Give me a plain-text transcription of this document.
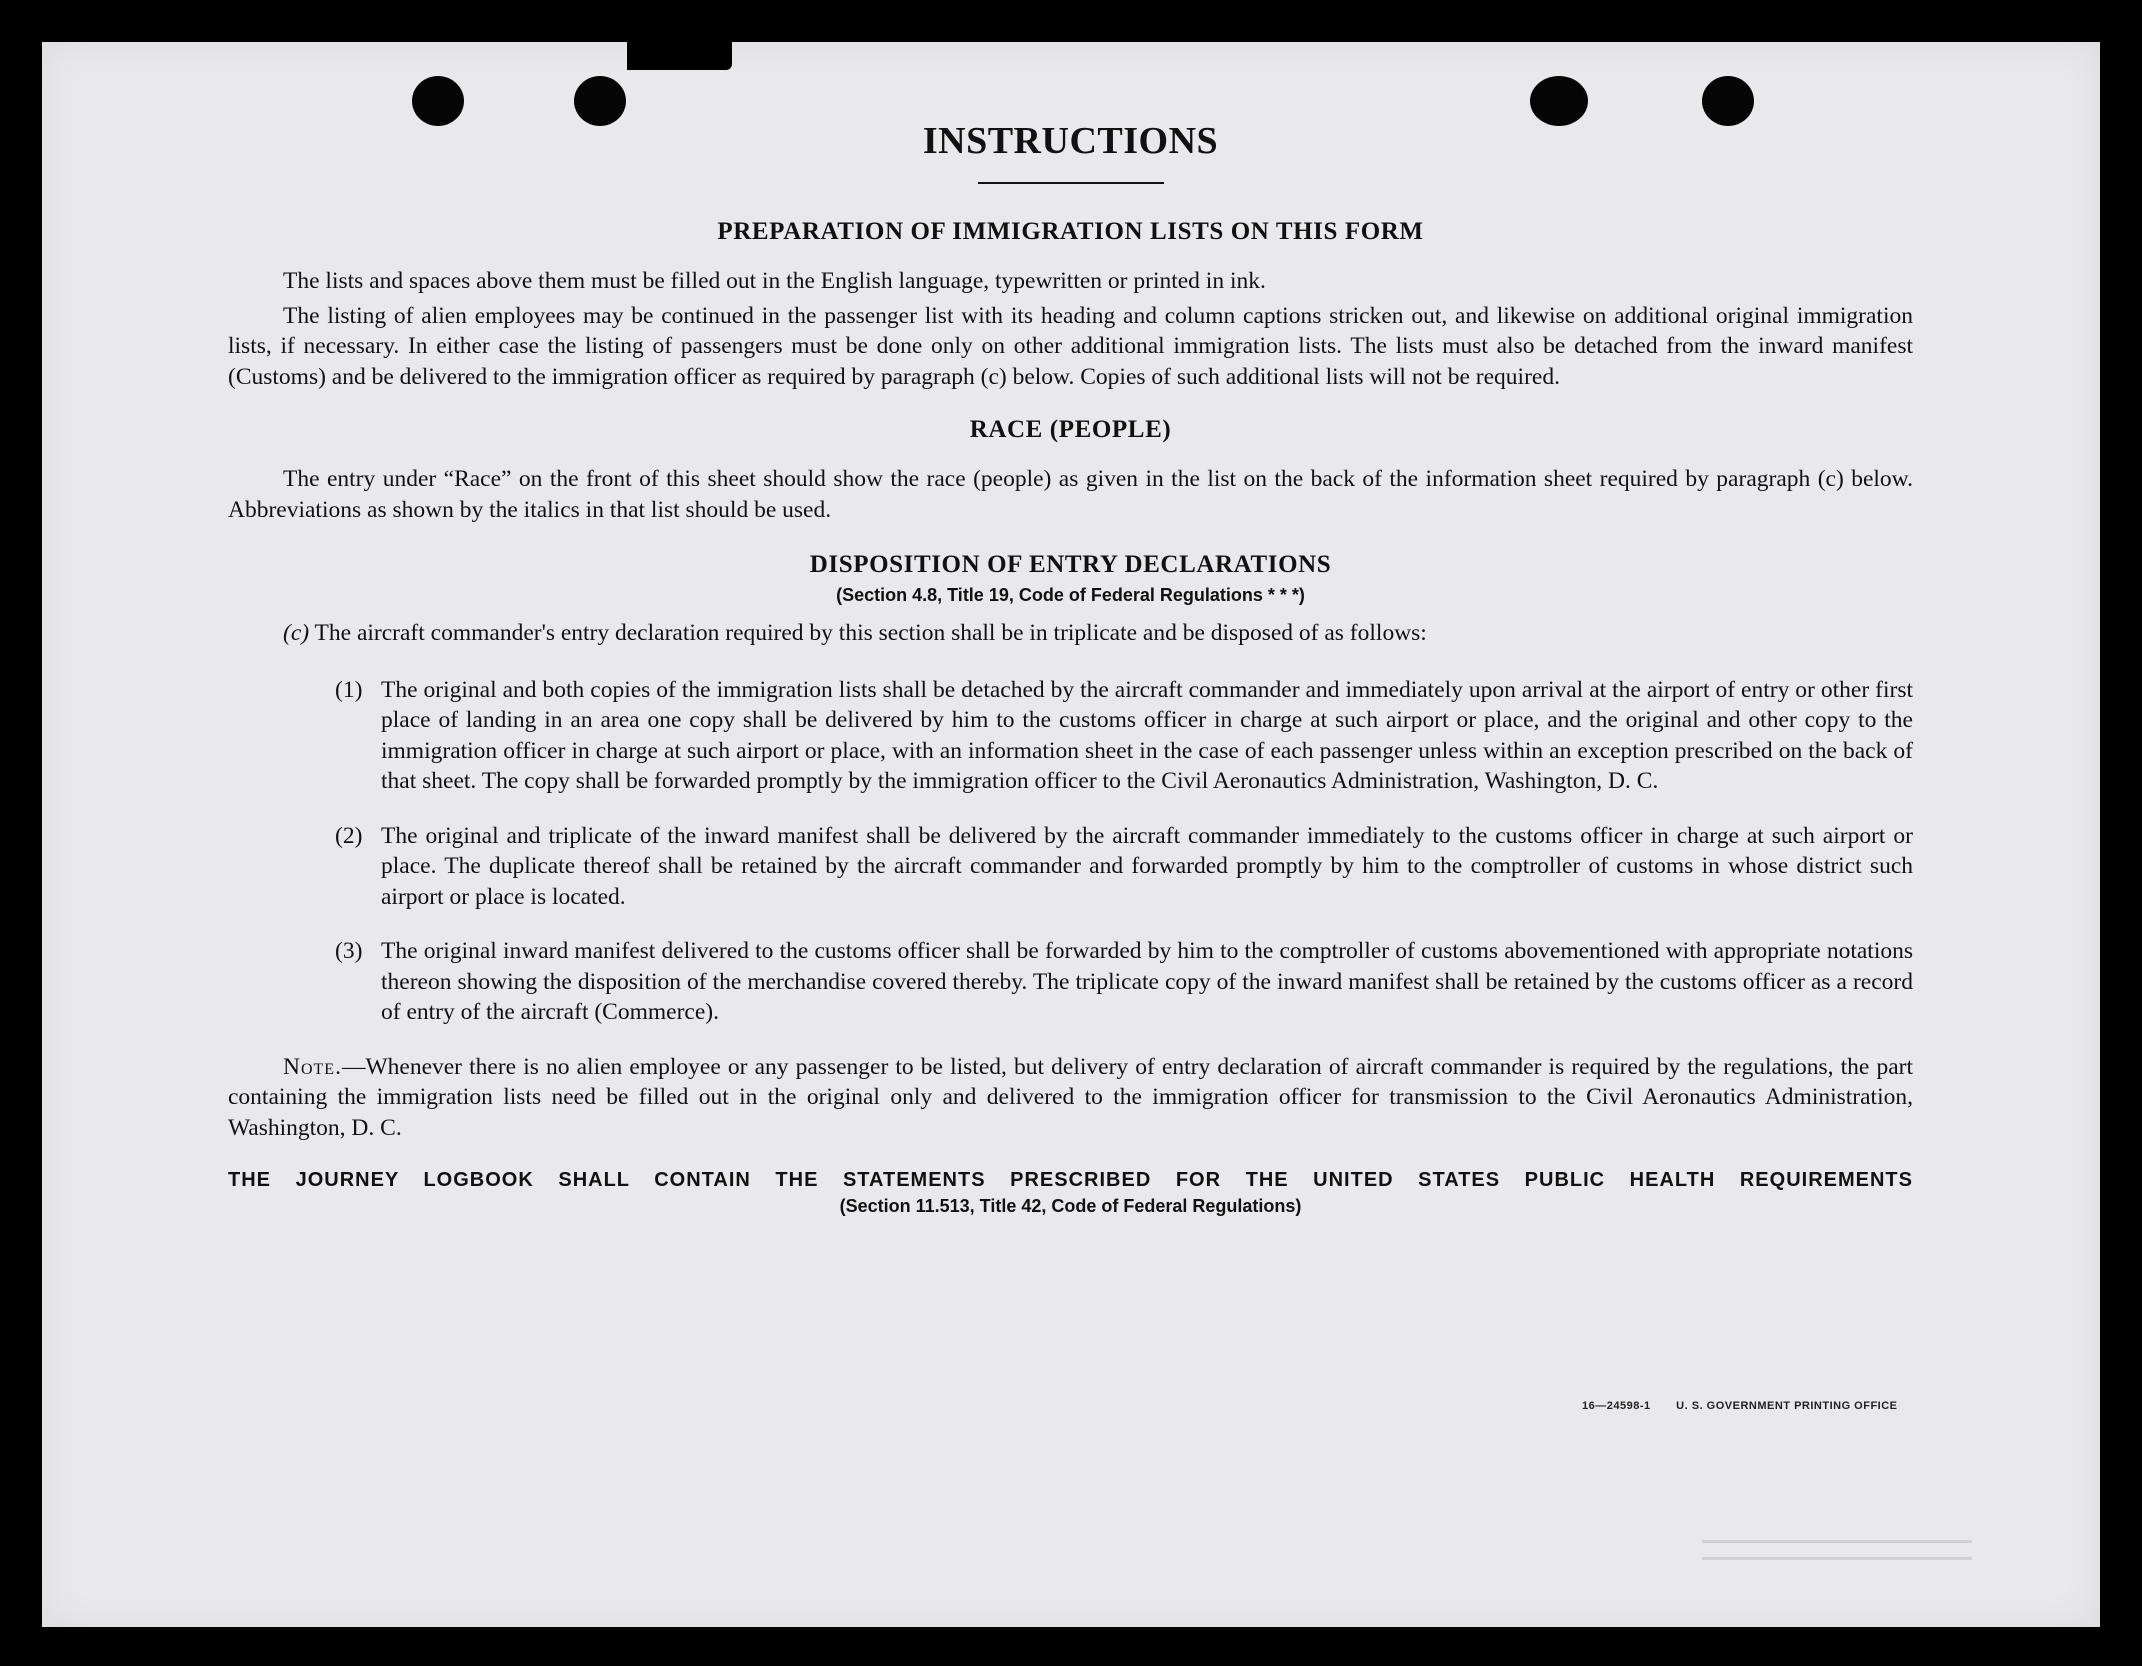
INSTRUCTIONS
PREPARATION OF IMMIGRATION LISTS ON THIS FORM

The lists and spaces above them must be filled out in the English language, typewritten or printed in ink.

The listing of alien employees may be continued in the passenger list with its heading and column captions stricken out, and likewise on additional original immigration lists, if necessary. In either case the listing of passengers must be done only on other additional immigration lists. The lists must also be detached from the inward manifest (Customs) and be delivered to the immigration officer as required by paragraph (c) below. Copies of such additional lists will not be required.

RACE (PEOPLE)

The entry under “Race” on the front of this sheet should show the race (people) as given in the list on the back of the information sheet required by paragraph (c) below. Abbreviations as shown by the italics in that list should be used.

DISPOSITION OF ENTRY DECLARATIONS

(Section 4.8, Title 19, Code of Federal Regulations * * *)

(c) The aircraft commander's entry declaration required by this section shall be in triplicate and be disposed of as follows:

(1) The original and both copies of the immigration lists shall be detached by the aircraft commander and immediately upon arrival at the airport of entry or other first place of landing in an area one copy shall be delivered by him to the customs officer in charge at such airport or place, and the original and other copy to the immigration officer in charge at such airport or place, with an information sheet in the case of each passenger unless within an exception prescribed on the back of that sheet. The copy shall be forwarded promptly by the immigration officer to the Civil Aeronautics Administration, Washington, D. C.
(2) The original and triplicate of the inward manifest shall be delivered by the aircraft commander immediately to the customs officer in charge at such airport or place. The duplicate thereof shall be retained by the aircraft commander and forwarded promptly by him to the comptroller of customs in whose district such airport or place is located.
(3) The original inward manifest delivered to the customs officer shall be forwarded by him to the comptroller of customs abovementioned with appropriate notations thereon showing the disposition of the merchandise covered thereby. The triplicate copy of the inward manifest shall be retained by the customs officer as a record of entry of the aircraft (Commerce).

Note.—Whenever there is no alien employee or any passenger to be listed, but delivery of entry declaration of aircraft commander is required by the regulations, the part containing the immigration lists need be filled out in the original only and delivered to the immigration officer for transmission to the Civil Aeronautics Administration, Washington, D. C.

THE JOURNEY LOGBOOK SHALL CONTAIN THE STATEMENTS PRESCRIBED FOR THE UNITED STATES PUBLIC HEALTH REQUIREMENTS

(Section 11.513, Title 42, Code of Federal Regulations)

16—24598-1 U. S. GOVERNMENT PRINTING OFFICE
